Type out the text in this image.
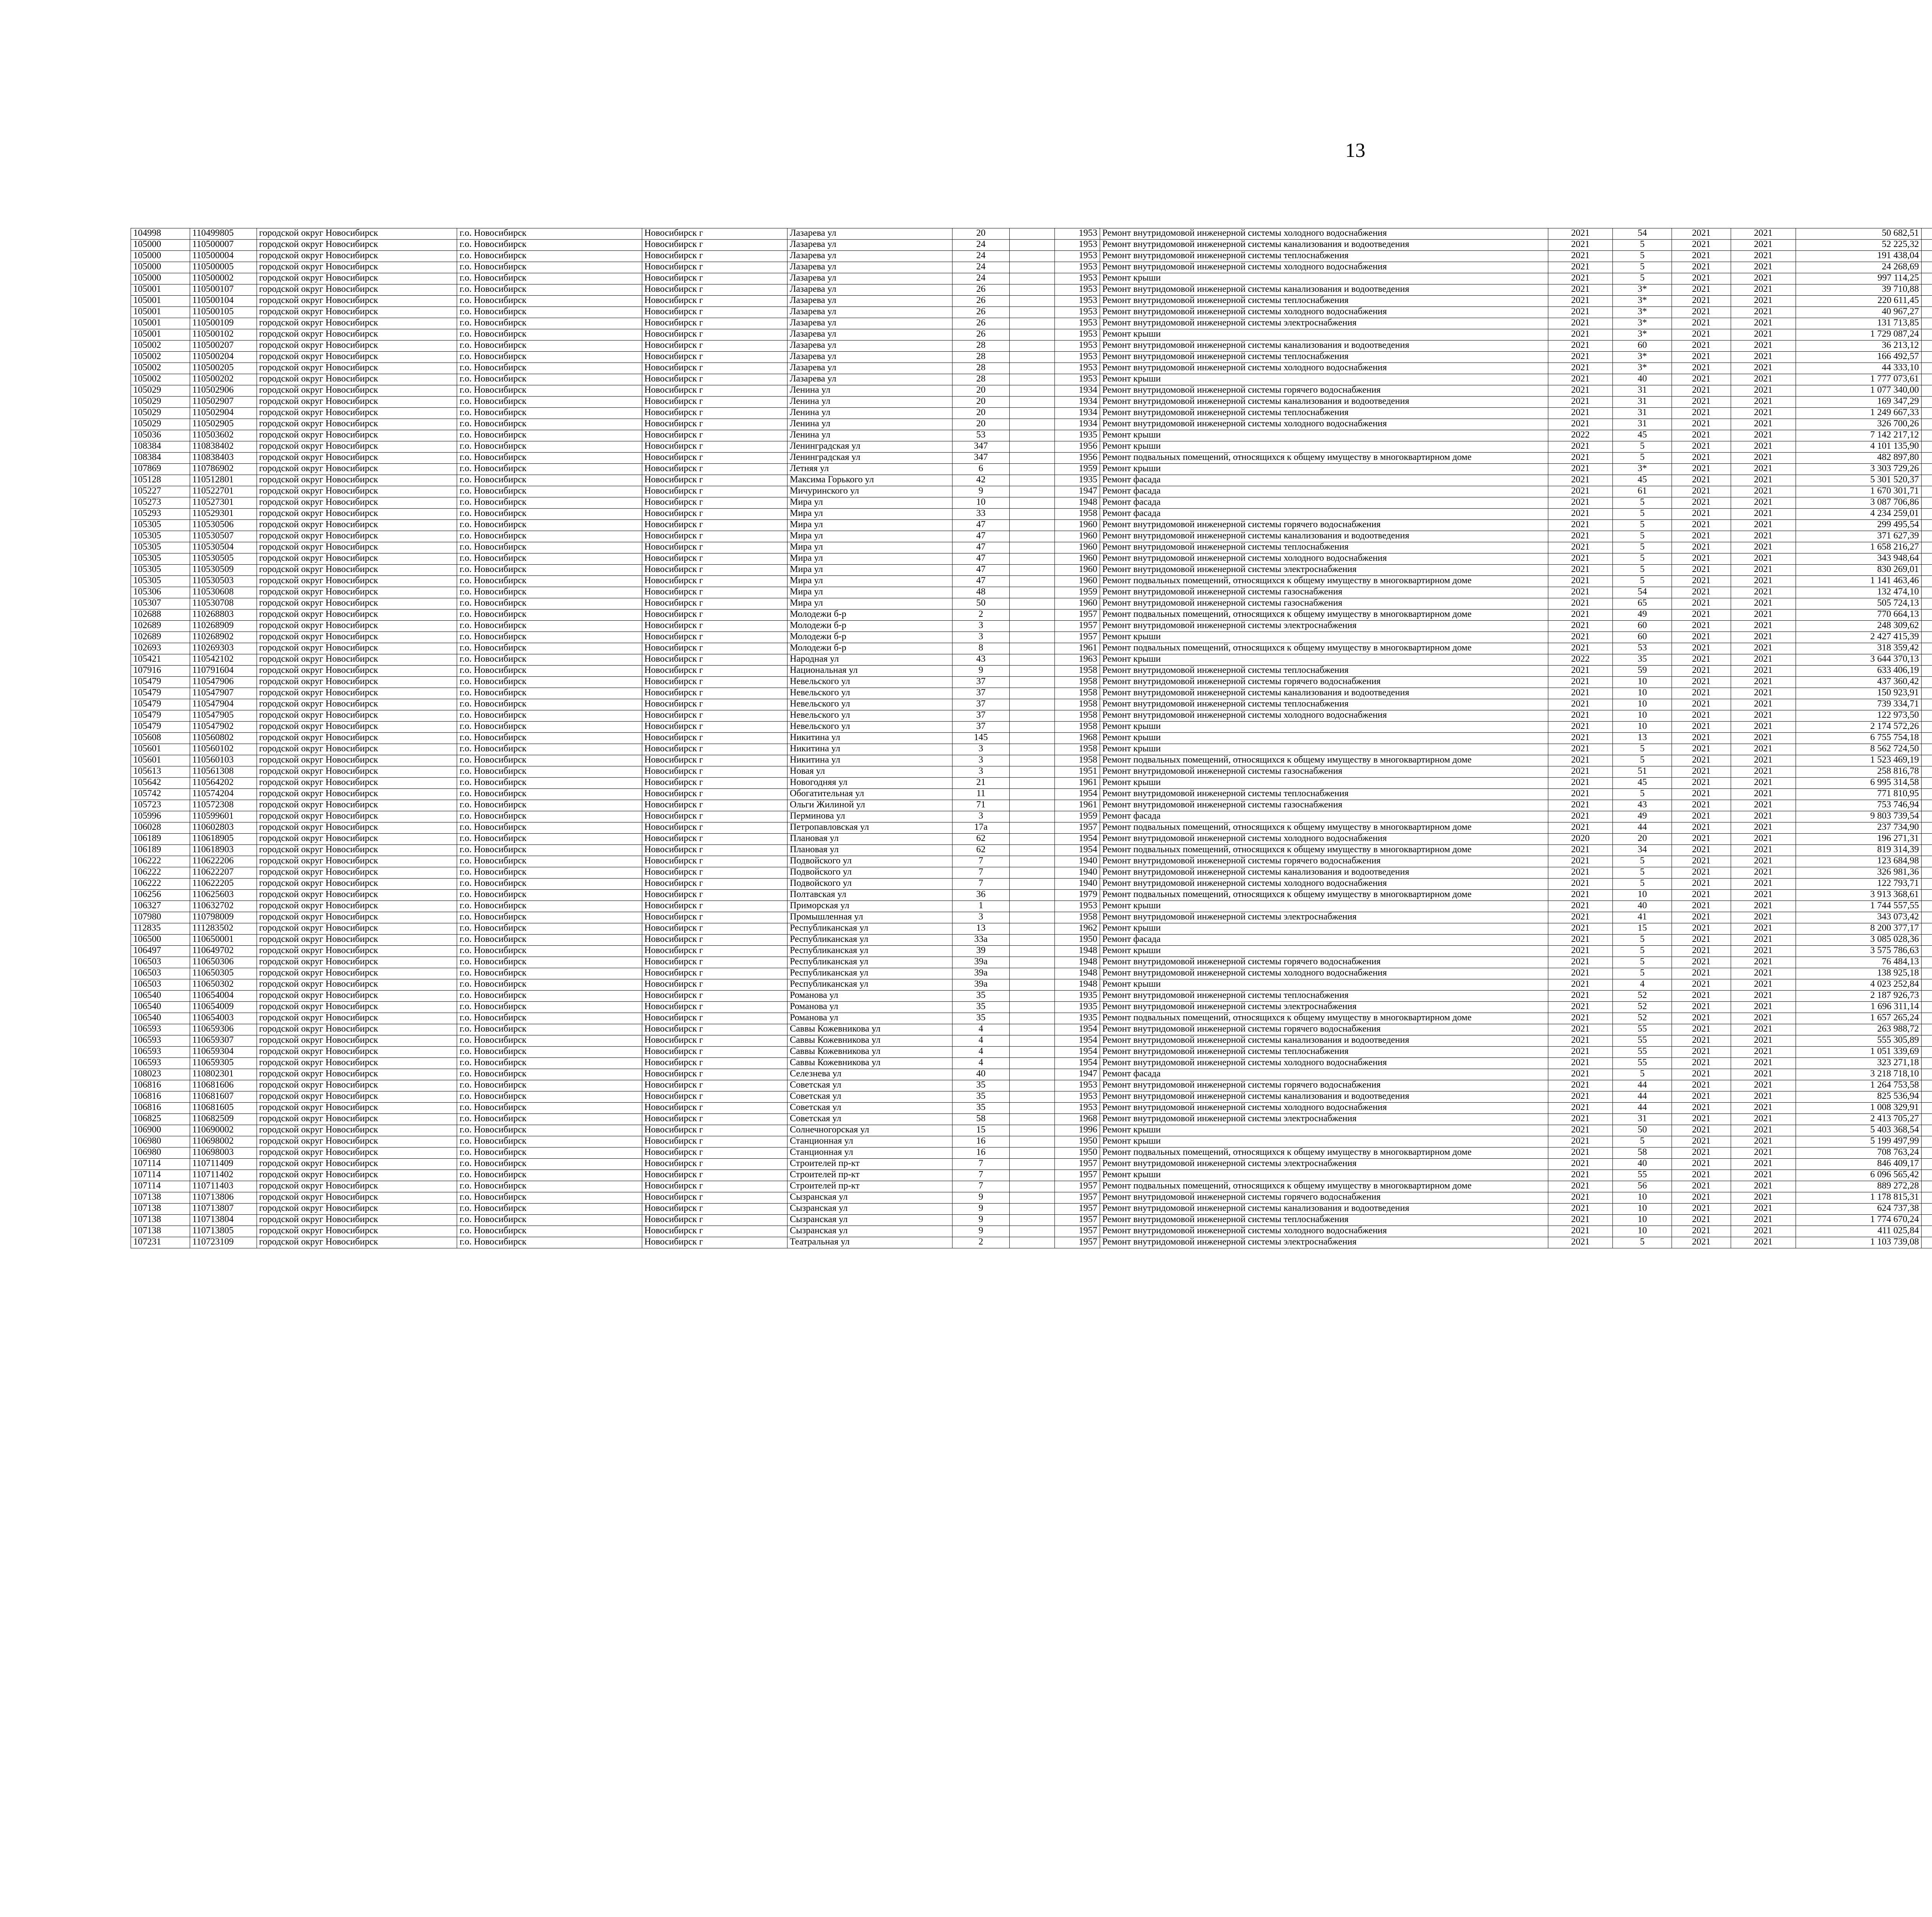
13
104998	110499805	городской округ Новосибирск	г.о. Новосибирск	Новосибирск г	Лазарева ул	20		1953	Ремонт внутридомовой инженерной системы холодного водоснабжения	2021	54	2021	2021	50 682,51						
105000	110500007	городской округ Новосибирск	г.о. Новосибирск	Новосибирск г	Лазарева ул	24		1953	Ремонт внутридомовой инженерной системы канализования и водоотведения	2021	5	2021	2021	52 225,32						
105000	110500004	городской округ Новосибирск	г.о. Новосибирск	Новосибирск г	Лазарева ул	24		1953	Ремонт внутридомовой инженерной системы теплоснабжения	2021	5	2021	2021	191 438,04						
105000	110500005	городской округ Новосибирск	г.о. Новосибирск	Новосибирск г	Лазарева ул	24		1953	Ремонт внутридомовой инженерной системы холодного водоснабжения	2021	5	2021	2021	24 268,69						
105000	110500002	городской округ Новосибирск	г.о. Новосибирск	Новосибирск г	Лазарева ул	24		1953	Ремонт крыши	2021	5	2021	2021	997 114,25						
105001	110500107	городской округ Новосибирск	г.о. Новосибирск	Новосибирск г	Лазарева ул	26		1953	Ремонт внутридомовой инженерной системы канализования и водоотведения	2021	3*	2021	2021	39 710,88						
105001	110500104	городской округ Новосибирск	г.о. Новосибирск	Новосибирск г	Лазарева ул	26		1953	Ремонт внутридомовой инженерной системы теплоснабжения	2021	3*	2021	2021	220 611,45						
105001	110500105	городской округ Новосибирск	г.о. Новосибирск	Новосибирск г	Лазарева ул	26		1953	Ремонт внутридомовой инженерной системы холодного водоснабжения	2021	3*	2021	2021	40 967,27						
105001	110500109	городской округ Новосибирск	г.о. Новосибирск	Новосибирск г	Лазарева ул	26		1953	Ремонт внутридомовой инженерной системы электроснабжения	2021	3*	2021	2021	131 713,85						
105001	110500102	городской округ Новосибирск	г.о. Новосибирск	Новосибирск г	Лазарева ул	26		1953	Ремонт крыши	2021	3*	2021	2021	1 729 087,24						
105002	110500207	городской округ Новосибирск	г.о. Новосибирск	Новосибирск г	Лазарева ул	28		1953	Ремонт внутридомовой инженерной системы канализования и водоотведения	2021	60	2021	2021	36 213,12						
105002	110500204	городской округ Новосибирск	г.о. Новосибирск	Новосибирск г	Лазарева ул	28		1953	Ремонт внутридомовой инженерной системы теплоснабжения	2021	3*	2021	2021	166 492,57						
105002	110500205	городской округ Новосибирск	г.о. Новосибирск	Новосибирск г	Лазарева ул	28		1953	Ремонт внутридомовой инженерной системы холодного водоснабжения	2021	3*	2021	2021	44 333,10						
105002	110500202	городской округ Новосибирск	г.о. Новосибирск	Новосибирск г	Лазарева ул	28		1953	Ремонт крыши	2021	40	2021	2021	1 777 073,61						
105029	110502906	городской округ Новосибирск	г.о. Новосибирск	Новосибирск г	Ленина ул	20		1934	Ремонт внутридомовой инженерной системы горячего водоснабжения	2021	31	2021	2021	1 077 340,00						
105029	110502907	городской округ Новосибирск	г.о. Новосибирск	Новосибирск г	Ленина ул	20		1934	Ремонт внутридомовой инженерной системы канализования и водоотведения	2021	31	2021	2021	169 347,29						
105029	110502904	городской округ Новосибирск	г.о. Новосибирск	Новосибирск г	Ленина ул	20		1934	Ремонт внутридомовой инженерной системы теплоснабжения	2021	31	2021	2021	1 249 667,33						
105029	110502905	городской округ Новосибирск	г.о. Новосибирск	Новосибирск г	Ленина ул	20		1934	Ремонт внутридомовой инженерной системы холодного водоснабжения	2021	31	2021	2021	326 700,26						
105036	110503602	городской округ Новосибирск	г.о. Новосибирск	Новосибирск г	Ленина ул	53		1935	Ремонт крыши	2022	45	2021	2021	7 142 217,12						
108384	110838402	городской округ Новосибирск	г.о. Новосибирск	Новосибирск г	Ленинградская ул	347		1956	Ремонт крыши	2021	5	2021	2021	4 101 135,90						
108384	110838403	городской округ Новосибирск	г.о. Новосибирск	Новосибирск г	Ленинградская ул	347		1956	Ремонт подвальных помещений, относящихся к общему имуществу в многоквартирном доме	2021	5	2021	2021	482 897,80						
107869	110786902	городской округ Новосибирск	г.о. Новосибирск	Новосибирск г	Летняя ул	6		1959	Ремонт крыши	2021	3*	2021	2021	3 303 729,26						
105128	110512801	городской округ Новосибирск	г.о. Новосибирск	Новосибирск г	Максима Горького ул	42		1935	Ремонт фасада	2021	45	2021	2021	5 301 520,37						
105227	110522701	городской округ Новосибирск	г.о. Новосибирск	Новосибирск г	Мичуринского ул	9		1947	Ремонт фасада	2021	61	2021	2021	1 670 301,71						
105273	110527301	городской округ Новосибирск	г.о. Новосибирск	Новосибирск г	Мира ул	10		1948	Ремонт фасада	2021	5	2021	2021	3 087 706,86						
105293	110529301	городской округ Новосибирск	г.о. Новосибирск	Новосибирск г	Мира ул	33		1958	Ремонт фасада	2021	5	2021	2021	4 234 259,01						
105305	110530506	городской округ Новосибирск	г.о. Новосибирск	Новосибирск г	Мира ул	47		1960	Ремонт внутридомовой инженерной системы горячего водоснабжения	2021	5	2021	2021	299 495,54						
105305	110530507	городской округ Новосибирск	г.о. Новосибирск	Новосибирск г	Мира ул	47		1960	Ремонт внутридомовой инженерной системы канализования и водоотведения	2021	5	2021	2021	371 627,39						
105305	110530504	городской округ Новосибирск	г.о. Новосибирск	Новосибирск г	Мира ул	47		1960	Ремонт внутридомовой инженерной системы теплоснабжения	2021	5	2021	2021	1 658 216,27						
105305	110530505	городской округ Новосибирск	г.о. Новосибирск	Новосибирск г	Мира ул	47		1960	Ремонт внутридомовой инженерной системы холодного водоснабжения	2021	5	2021	2021	343 948,64						
105305	110530509	городской округ Новосибирск	г.о. Новосибирск	Новосибирск г	Мира ул	47		1960	Ремонт внутридомовой инженерной системы электроснабжения	2021	5	2021	2021	830 269,01						
105305	110530503	городской округ Новосибирск	г.о. Новосибирск	Новосибирск г	Мира ул	47		1960	Ремонт подвальных помещений, относящихся к общему имуществу в многоквартирном доме	2021	5	2021	2021	1 141 463,46						
105306	110530608	городской округ Новосибирск	г.о. Новосибирск	Новосибирск г	Мира ул	48		1959	Ремонт внутридомовой инженерной системы газоснабжения	2021	54	2021	2021	132 474,10						
105307	110530708	городской округ Новосибирск	г.о. Новосибирск	Новосибирск г	Мира ул	50		1960	Ремонт внутридомовой инженерной системы газоснабжения	2021	65	2021	2021	505 724,13						
102688	110268803	городской округ Новосибирск	г.о. Новосибирск	Новосибирск г	Молодежи б-р	2		1957	Ремонт подвальных помещений, относящихся к общему имуществу в многоквартирном доме	2021	49	2021	2021	770 664,13						
102689	110268909	городской округ Новосибирск	г.о. Новосибирск	Новосибирск г	Молодежи б-р	3		1957	Ремонт внутридомовой инженерной системы электроснабжения	2021	60	2021	2021	248 309,62						
102689	110268902	городской округ Новосибирск	г.о. Новосибирск	Новосибирск г	Молодежи б-р	3		1957	Ремонт крыши	2021	60	2021	2021	2 427 415,39						
102693	110269303	городской округ Новосибирск	г.о. Новосибирск	Новосибирск г	Молодежи б-р	8		1961	Ремонт подвальных помещений, относящихся к общему имуществу в многоквартирном доме	2021	53	2021	2021	318 359,42						
105421	110542102	городской округ Новосибирск	г.о. Новосибирск	Новосибирск г	Народная ул	43		1963	Ремонт крыши	2022	35	2021	2021	3 644 370,13						
107916	110791604	городской округ Новосибирск	г.о. Новосибирск	Новосибирск г	Национальная ул	9		1958	Ремонт внутридомовой инженерной системы теплоснабжения	2021	59	2021	2021	633 406,19						
105479	110547906	городской округ Новосибирск	г.о. Новосибирск	Новосибирск г	Невельского ул	37		1958	Ремонт внутридомовой инженерной системы горячего водоснабжения	2021	10	2021	2021	437 360,42						
105479	110547907	городской округ Новосибирск	г.о. Новосибирск	Новосибирск г	Невельского ул	37		1958	Ремонт внутридомовой инженерной системы канализования и водоотведения	2021	10	2021	2021	150 923,91						
105479	110547904	городской округ Новосибирск	г.о. Новосибирск	Новосибирск г	Невельского ул	37		1958	Ремонт внутридомовой инженерной системы теплоснабжения	2021	10	2021	2021	739 334,71						
105479	110547905	городской округ Новосибирск	г.о. Новосибирск	Новосибирск г	Невельского ул	37		1958	Ремонт внутридомовой инженерной системы холодного водоснабжения	2021	10	2021	2021	122 973,50						
105479	110547902	городской округ Новосибирск	г.о. Новосибирск	Новосибирск г	Невельского ул	37		1958	Ремонт крыши	2021	10	2021	2021	2 174 572,26						
105608	110560802	городской округ Новосибирск	г.о. Новосибирск	Новосибирск г	Никитина ул	145		1968	Ремонт крыши	2021	13	2021	2021	6 755 754,18						
105601	110560102	городской округ Новосибирск	г.о. Новосибирск	Новосибирск г	Никитина ул	3		1958	Ремонт крыши	2021	5	2021	2021	8 562 724,50						
105601	110560103	городской округ Новосибирск	г.о. Новосибирск	Новосибирск г	Никитина ул	3		1958	Ремонт подвальных помещений, относящихся к общему имуществу в многоквартирном доме	2021	5	2021	2021	1 523 469,19						
105613	110561308	городской округ Новосибирск	г.о. Новосибирск	Новосибирск г	Новая ул	3		1951	Ремонт внутридомовой инженерной системы газоснабжения	2021	51	2021	2021	258 816,78						
105642	110564202	городской округ Новосибирск	г.о. Новосибирск	Новосибирск г	Новогодняя ул	21		1961	Ремонт крыши	2021	45	2021	2021	6 995 314,58						
105742	110574204	городской округ Новосибирск	г.о. Новосибирск	Новосибирск г	Обогатительная ул	11		1954	Ремонт внутридомовой инженерной системы теплоснабжения	2021	5	2021	2021	771 810,95						
105723	110572308	городской округ Новосибирск	г.о. Новосибирск	Новосибирск г	Ольги Жилиной ул	71		1961	Ремонт внутридомовой инженерной системы газоснабжения	2021	43	2021	2021	753 746,94						
105996	110599601	городской округ Новосибирск	г.о. Новосибирск	Новосибирск г	Перминова ул	3		1959	Ремонт фасада	2021	49	2021	2021	9 803 739,54						
106028	110602803	городской округ Новосибирск	г.о. Новосибирск	Новосибирск г	Петропавловская ул	17а		1957	Ремонт подвальных помещений, относящихся к общему имуществу в многоквартирном доме	2021	44	2021	2021	237 734,90						
106189	110618905	городской округ Новосибирск	г.о. Новосибирск	Новосибирск г	Плановая ул	62		1954	Ремонт внутридомовой инженерной системы холодного водоснабжения	2020	20	2021	2021	196 271,31						
106189	110618903	городской округ Новосибирск	г.о. Новосибирск	Новосибирск г	Плановая ул	62		1954	Ремонт подвальных помещений, относящихся к общему имуществу в многоквартирном доме	2021	34	2021	2021	819 314,39						
106222	110622206	городской округ Новосибирск	г.о. Новосибирск	Новосибирск г	Подвойского ул	7		1940	Ремонт внутридомовой инженерной системы горячего водоснабжения	2021	5	2021	2021	123 684,98						
106222	110622207	городской округ Новосибирск	г.о. Новосибирск	Новосибирск г	Подвойского ул	7		1940	Ремонт внутридомовой инженерной системы канализования и водоотведения	2021	5	2021	2021	326 981,36						
106222	110622205	городской округ Новосибирск	г.о. Новосибирск	Новосибирск г	Подвойского ул	7		1940	Ремонт внутридомовой инженерной системы холодного водоснабжения	2021	5	2021	2021	122 793,71						
106256	110625603	городской округ Новосибирск	г.о. Новосибирск	Новосибирск г	Полтавская ул	36		1979	Ремонт подвальных помещений, относящихся к общему имуществу в многоквартирном доме	2021	10	2021	2021	3 913 368,61						
106327	110632702	городской округ Новосибирск	г.о. Новосибирск	Новосибирск г	Приморская ул	1		1953	Ремонт крыши	2021	40	2021	2021	1 744 557,55						
107980	110798009	городской округ Новосибирск	г.о. Новосибирск	Новосибирск г	Промышленная ул	3		1958	Ремонт внутридомовой инженерной системы электроснабжения	2021	41	2021	2021	343 073,42						
112835	111283502	городской округ Новосибирск	г.о. Новосибирск	Новосибирск г	Республиканская ул	13		1962	Ремонт крыши	2021	15	2021	2021	8 200 377,17						
106500	110650001	городской округ Новосибирск	г.о. Новосибирск	Новосибирск г	Республиканская ул	33а		1950	Ремонт фасада	2021	5	2021	2021	3 085 028,36						
106497	110649702	городской округ Новосибирск	г.о. Новосибирск	Новосибирск г	Республиканская ул	39		1948	Ремонт крыши	2021	5	2021	2021	3 575 786,63						
106503	110650306	городской округ Новосибирск	г.о. Новосибирск	Новосибирск г	Республиканская ул	39а		1948	Ремонт внутридомовой инженерной системы горячего водоснабжения	2021	5	2021	2021	76 484,13						
106503	110650305	городской округ Новосибирск	г.о. Новосибирск	Новосибирск г	Республиканская ул	39а		1948	Ремонт внутридомовой инженерной системы холодного водоснабжения	2021	5	2021	2021	138 925,18						
106503	110650302	городской округ Новосибирск	г.о. Новосибирск	Новосибирск г	Республиканская ул	39а		1948	Ремонт крыши	2021	4	2021	2021	4 023 252,84						
106540	110654004	городской округ Новосибирск	г.о. Новосибирск	Новосибирск г	Романова ул	35		1935	Ремонт внутридомовой инженерной системы теплоснабжения	2021	52	2021	2021	2 187 926,73						
106540	110654009	городской округ Новосибирск	г.о. Новосибирск	Новосибирск г	Романова ул	35		1935	Ремонт внутридомовой инженерной системы электроснабжения	2021	52	2021	2021	1 696 311,14						
106540	110654003	городской округ Новосибирск	г.о. Новосибирск	Новосибирск г	Романова ул	35		1935	Ремонт подвальных помещений, относящихся к общему имуществу в многоквартирном доме	2021	52	2021	2021	1 657 265,24						
106593	110659306	городской округ Новосибирск	г.о. Новосибирск	Новосибирск г	Саввы Кожевникова ул	4		1954	Ремонт внутридомовой инженерной системы горячего водоснабжения	2021	55	2021	2021	263 988,72						
106593	110659307	городской округ Новосибирск	г.о. Новосибирск	Новосибирск г	Саввы Кожевникова ул	4		1954	Ремонт внутридомовой инженерной системы канализования и водоотведения	2021	55	2021	2021	555 305,89						
106593	110659304	городской округ Новосибирск	г.о. Новосибирск	Новосибирск г	Саввы Кожевникова ул	4		1954	Ремонт внутридомовой инженерной системы теплоснабжения	2021	55	2021	2021	1 051 339,69						
106593	110659305	городской округ Новосибирск	г.о. Новосибирск	Новосибирск г	Саввы Кожевникова ул	4		1954	Ремонт внутридомовой инженерной системы холодного водоснабжения	2021	55	2021	2021	323 271,18						
108023	110802301	городской округ Новосибирск	г.о. Новосибирск	Новосибирск г	Селезнева ул	40		1947	Ремонт фасада	2021	5	2021	2021	3 218 718,10						
106816	110681606	городской округ Новосибирск	г.о. Новосибирск	Новосибирск г	Советская ул	35		1953	Ремонт внутридомовой инженерной системы горячего водоснабжения	2021	44	2021	2021	1 264 753,58						
106816	110681607	городской округ Новосибирск	г.о. Новосибирск	Новосибирск г	Советская ул	35		1953	Ремонт внутридомовой инженерной системы канализования и водоотведения	2021	44	2021	2021	825 536,94						
106816	110681605	городской округ Новосибирск	г.о. Новосибирск	Новосибирск г	Советская ул	35		1953	Ремонт внутридомовой инженерной системы холодного водоснабжения	2021	44	2021	2021	1 008 329,91						
106825	110682509	городской округ Новосибирск	г.о. Новосибирск	Новосибирск г	Советская ул	58		1968	Ремонт внутридомовой инженерной системы электроснабжения	2021	31	2021	2021	2 413 705,27						
106900	110690002	городской округ Новосибирск	г.о. Новосибирск	Новосибирск г	Солнечногорская ул	15		1996	Ремонт крыши	2021	50	2021	2021	5 403 368,54						
106980	110698002	городской округ Новосибирск	г.о. Новосибирск	Новосибирск г	Станционная ул	16		1950	Ремонт крыши	2021	5	2021	2021	5 199 497,99						
106980	110698003	городской округ Новосибирск	г.о. Новосибирск	Новосибирск г	Станционная ул	16		1950	Ремонт подвальных помещений, относящихся к общему имуществу в многоквартирном доме	2021	58	2021	2021	708 763,24						
107114	110711409	городской округ Новосибирск	г.о. Новосибирск	Новосибирск г	Строителей пр-кт	7		1957	Ремонт внутридомовой инженерной системы электроснабжения	2021	40	2021	2021	846 409,17						
107114	110711402	городской округ Новосибирск	г.о. Новосибирск	Новосибирск г	Строителей пр-кт	7		1957	Ремонт крыши	2021	55	2021	2021	6 096 565,42						
107114	110711403	городской округ Новосибирск	г.о. Новосибирск	Новосибирск г	Строителей пр-кт	7		1957	Ремонт подвальных помещений, относящихся к общему имуществу в многоквартирном доме	2021	56	2021	2021	889 272,28						
107138	110713806	городской округ Новосибирск	г.о. Новосибирск	Новосибирск г	Сызранская ул	9		1957	Ремонт внутридомовой инженерной системы горячего водоснабжения	2021	10	2021	2021	1 178 815,31						
107138	110713807	городской округ Новосибирск	г.о. Новосибирск	Новосибирск г	Сызранская ул	9		1957	Ремонт внутридомовой инженерной системы канализования и водоотведения	2021	10	2021	2021	624 737,38						
107138	110713804	городской округ Новосибирск	г.о. Новосибирск	Новосибирск г	Сызранская ул	9		1957	Ремонт внутридомовой инженерной системы теплоснабжения	2021	10	2021	2021	1 774 670,24						
107138	110713805	городской округ Новосибирск	г.о. Новосибирск	Новосибирск г	Сызранская ул	9		1957	Ремонт внутридомовой инженерной системы холодного водоснабжения	2021	10	2021	2021	411 025,84						
107231	110723109	городской округ Новосибирск	г.о. Новосибирск	Новосибирск г	Театральная ул	2		1957	Ремонт внутридомовой инженерной системы электроснабжения	2021	5	2021	2021	1 103 739,08						
